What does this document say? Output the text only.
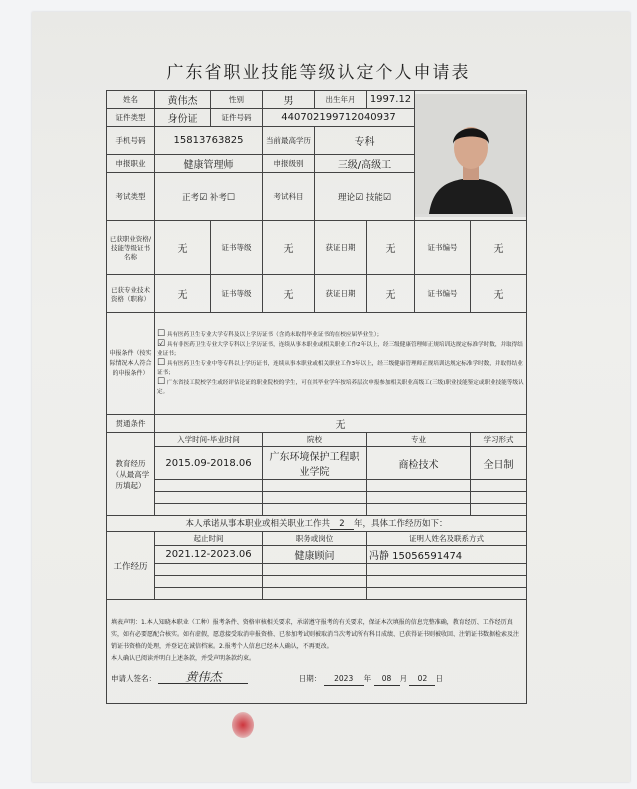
广东省职业技能等级认定个人申请表
姓名	黄伟杰	性别	男	出生年月	1997.12	

证件类型	身份证	证件号码	440702199712040937				
手机号码	15813763825		当前最高学历	专科			
申报职业	健康管理师		申报级别	三级/高级工			
考试类型	正考☑ 补考☐		考试科目	理论☑ 技能☑			
已获职业资格/技能等级证书名称	无	证书等级	无	获证日期	无	证书编号	无
已获专业技术资格（职称）	无	证书等级	无	获证日期	无	证书编号	无
申报条件（按实际情况本人符合的申报条件）	☐ 具有医药卫生专业大学专科及以上学历证书（含尚未取得毕业证书的在校应届毕业生）；
☑ 具有非医药卫生专业大学专科以上学历证书，连续从事本职业或相关职业工作2年以上，经三级健康管理师正规培训达规定标准学时数，并取得结业证书；
☐ 具有医药卫生专业中等专科以上学历证书，连续从事本职业或相关职业工作3年以上，经三级健康管理师正规培训达规定标准学时数，并取得结业证书；
☐ 广东省技工院校学生或经评估论证的职业院校的学生，可在其毕业学年按培养层次申报参加相关职业高级工(三级)职业技能鉴定或职业技能等级认定。						

贯通条件	无						
教育经历（从最高学历填起）	入学时间-毕业时间		院校		专业		学习形式
	2015.09-2018.06		广东环境保护工程职业学院		商检技术		全日制

本人承诺从事本职业或相关职业工作共 2 年，具体工作经历如下：							
工作经历	起止时间		职务或岗位		证明人姓名及联系方式		
	2021.12-2023.06		健康顾问		冯静 15056591474		

填表声明：1.本人知晓本职业（工种）报考条件、资格审核相关要求，承诺遵守报考的有关要求，保证本次填报的信息完整准确，教育经历、工作经历真实，如有必要愿配合核实。如有虚假，愿意接受取消申报资格、已参加考试则被取消当次考试所有科目成绩、已获得证书则被收回、注销证书数据检索及注销证书资格的处理，并登记在诚信档案。2.报考个人信息已经本人确认，不再更改。
本人确认已阅读并明白上述条款，并受声明条款约束。
申请人签名： 黄伟杰 日期： 2023 年 08 月 02 日							
